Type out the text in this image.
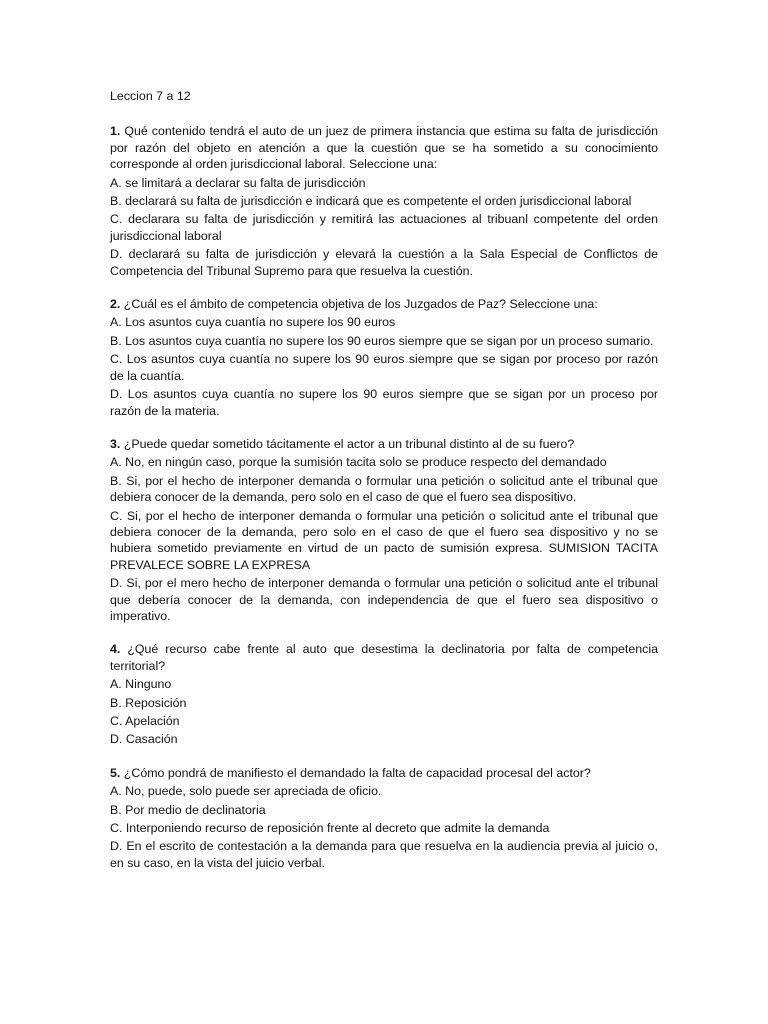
Leccion 7 a 12
1. Qué contenido tendrá el auto de un juez de primera instancia que estima su falta de jurisdicción por razón del objeto en atención a que la cuestión que se ha sometido a su conocimiento corresponde al orden jurisdiccional laboral. Seleccione una:
A. se limitará a declarar su falta de jurisdicción
B. declarará su falta de jurisdicción e indicará que es competente el orden jurisdiccional laboral
C. declarara su falta de jurisdicción y remitirá las actuaciones al tribuanl competente del orden jurisdiccional laboral
D. declarará su falta de jurisdicción y elevará la cuestión a la Sala Especial de Conflictos de Competencia del Tribunal Supremo para que resuelva la cuestión.
2. ¿Cuál es el ámbito de competencia objetiva de los Juzgados de Paz? Seleccione una:
A. Los asuntos cuya cuantía no supere los 90 euros
B. Los asuntos cuya cuantía no supere los 90 euros siempre que se sigan por un proceso sumario.
C. Los asuntos cuya cuantía no supere los 90 euros siempre que se sigan por proceso por razón de la cuantía.
D. Los asuntos cuya cuantía no supere los 90 euros siempre que se sigan por un proceso por razón de la materia.
3. ¿Puede quedar sometido tácitamente el actor a un tribunal distinto al de su fuero?
A. No, en ningún caso, porque la sumisión tacita solo se produce respecto del demandado
B. Si, por el hecho de interponer demanda o formular una petición o solicitud ante el tribunal que debiera conocer de la demanda, pero solo en el caso de que el fuero sea dispositivo.
C. Si, por el hecho de interponer demanda o formular una petición o solicitud ante el tribunal que debiera conocer de la demanda, pero solo en el caso de que el fuero sea dispositivo y no se hubiera sometido previamente en virtud de un pacto de sumisión expresa. SUMISION TACITA PREVALECE SOBRE LA EXPRESA
D. Si, por el mero hecho de interponer demanda o formular una petición o solicitud ante el tribunal que debería conocer de la demanda, con independencia de que el fuero sea dispositivo o imperativo.
4. ¿Qué recurso cabe frente al auto que desestima la declinatoria por falta de competencia territorial?
A. Ninguno
B. Reposición
C. Apelación
D. Casación
5. ¿Cómo pondrá de manifiesto el demandado la falta de capacidad procesal del actor?
A. No, puede, solo puede ser apreciada de oficio.
B. Por medio de declinatoria
C. Interponiendo recurso de reposición frente al decreto que admite la demanda
D. En el escrito de contestación a la demanda para que resuelva en la audiencia previa al juicio o, en su caso, en la vista del juicio verbal.
